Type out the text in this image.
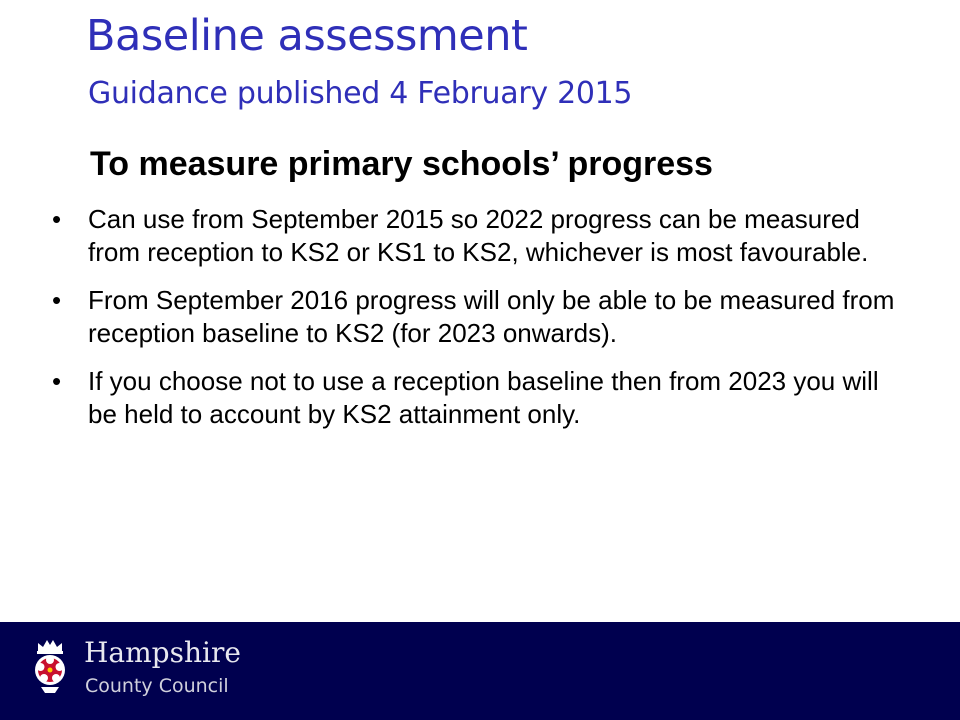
Baseline assessment
Guidance published 4 February 2015
To measure primary schools’ progress
• Can use from September 2015 so 2022 progress can be measured from reception to KS2 or KS1 to KS2, whichever is most favourable.
• From September 2016 progress will only be able to be measured from reception baseline to KS2 (for 2023 onwards).
• If you choose not to use a reception baseline then from 2023 you will be held to account by KS2 attainment only.
Hampshire
County Council
